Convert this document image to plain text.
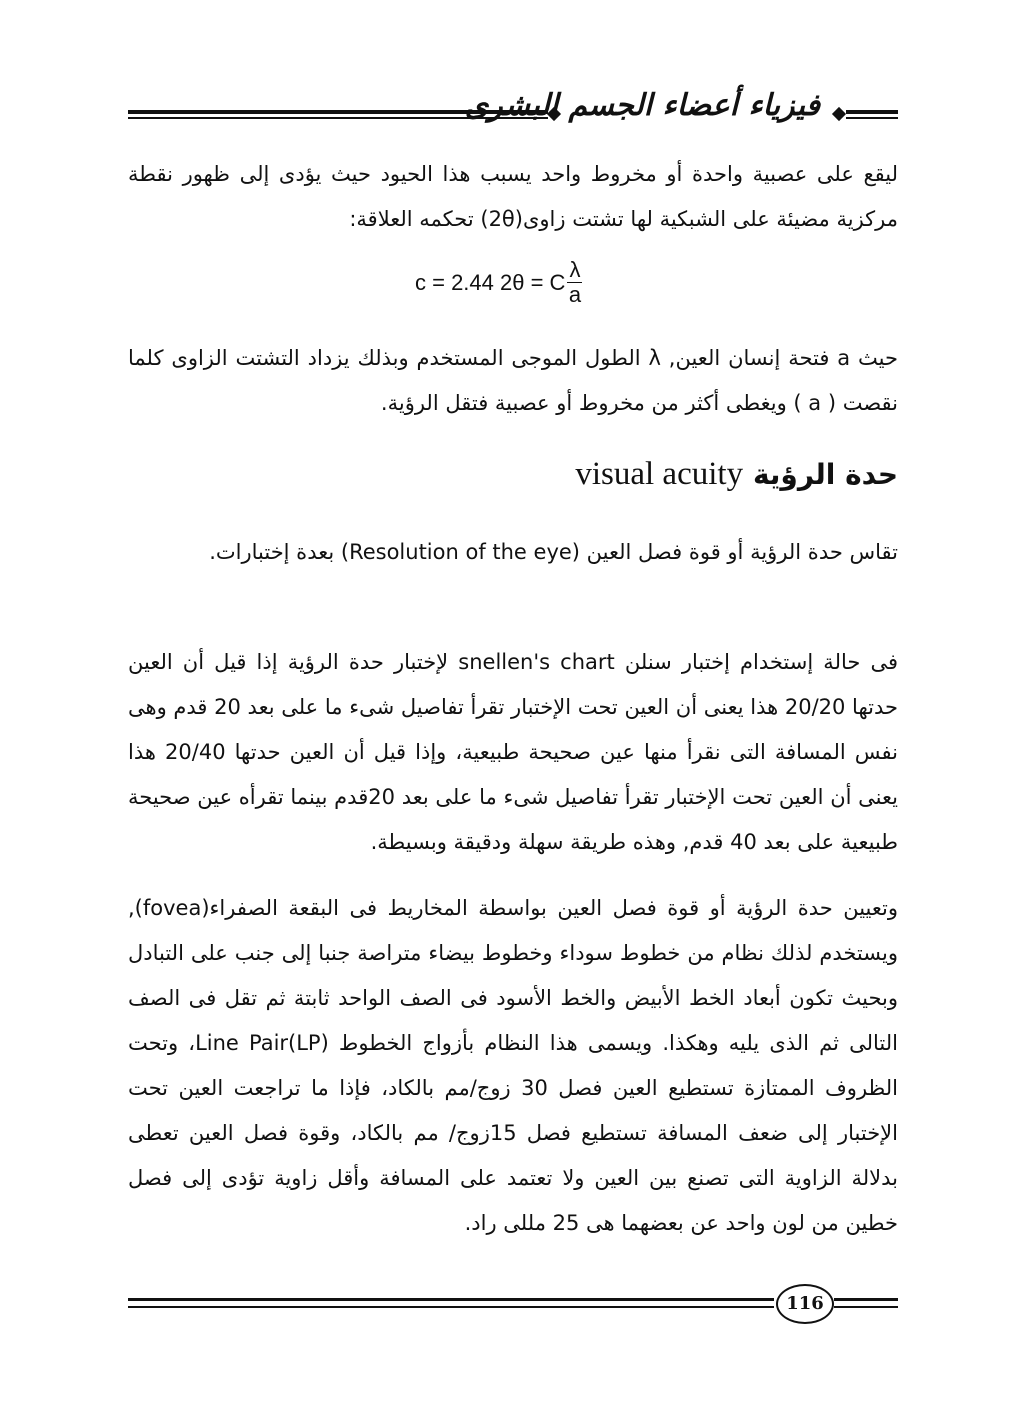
فيزياء أعضاء الجسم البشرى
ليقع على عصبية واحدة أو مخروط واحد يسبب هذا الحيود حيث يؤدى إلى ظهور نقطة مركزية مضيئة على الشبكية لها تشتت زاوى(2θ) تحكمه العلاقة:
c = 2.44 2θ = C $\frac{\lambda}{a}$
حيث a فتحة إنسان العين, λ الطول الموجى المستخدم وبذلك يزداد التشتت الزاوى كلما نقصت ( a ) ويغطى أكثر من مخروط أو عصبية فتقل الرؤية.
حدة الرؤية visual acuity
تقاس حدة الرؤية أو قوة فصل العين (Resolution of the eye) بعدة إختبارات.
فى حالة إستخدام إختبار سنلن snellen's chart لإختبار حدة الرؤية إذا قيل أن العين حدتها 20/20 هذا يعنى أن العين تحت الإختبار تقرأ تفاصيل شىء ما على بعد 20 قدم وهى نفس المسافة التى نقرأ منها عين صحيحة طبيعية، وإذا قيل أن العين حدتها 20/40 هذا يعنى أن العين تحت الإختبار تقرأ تفاصيل شىء ما على بعد 20قدم بينما تقرأه عين صحيحة طبيعية على بعد 40 قدم, وهذه طريقة سهلة ودقيقة وبسيطة.
وتعيين حدة الرؤية أو قوة فصل العين بواسطة المخاريط فى البقعة الصفراء(fovea), ويستخدم لذلك نظام من خطوط سوداء وخطوط بيضاء متراصة جنبا إلى جنب على التبادل وبحيث تكون أبعاد الخط الأبيض والخط الأسود فى الصف الواحد ثابتة ثم تقل فى الصف التالى ثم الذى يليه وهكذا. ويسمى هذا النظام بأزواج الخطوط Line Pair(LP)، وتحت الظروف الممتازة تستطيع العين فصل 30 زوج/مم بالكاد، فإذا ما تراجعت العين تحت الإختبار إلى ضعف المسافة تستطيع فصل 15زوج/ مم بالكاد، وقوة فصل العين تعطى بدلالة الزاوية التى تصنع بين العين ولا تعتمد على المسافة وأقل زاوية تؤدى إلى فصل خطين من لون واحد عن بعضهما هى 25 مللى راد.
116
